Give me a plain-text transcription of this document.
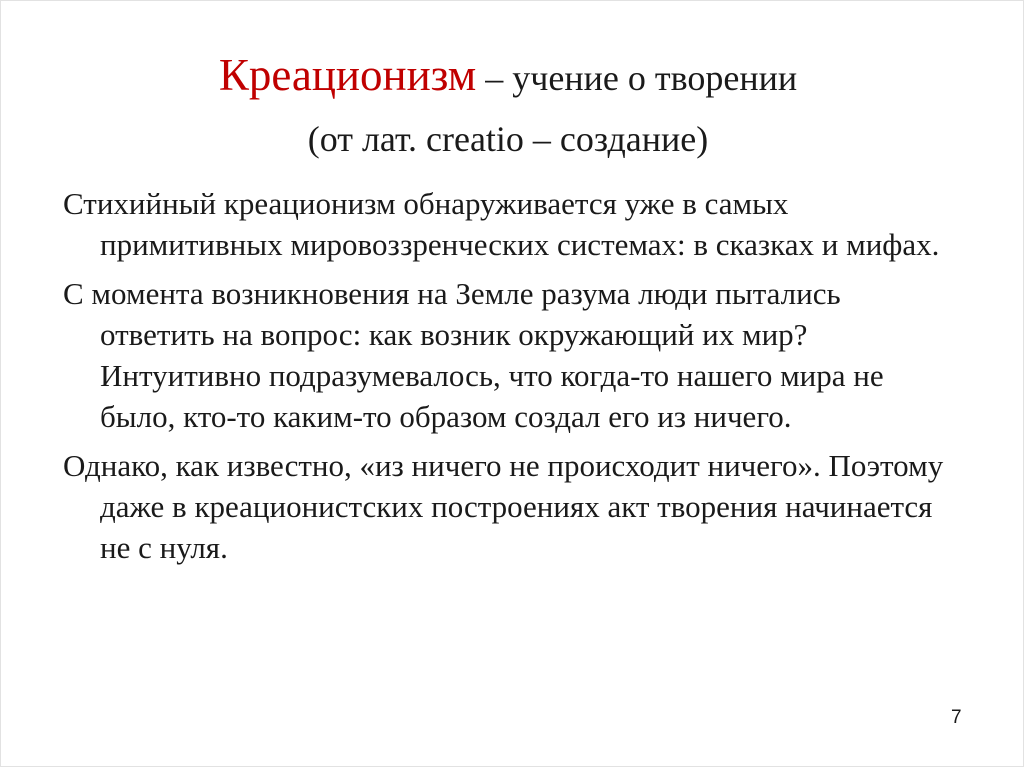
Креационизм – учение о творении
(от лат. creatio – создание)

Стихийный креационизм обнаруживается уже в самых примитивных мировоззренческих системах: в сказках и мифах.

С момента возникновения на Земле разума люди пытались ответить на вопрос: как возник окружающий их мир? Интуитивно подразумевалось, что когда-то нашего мира не было, кто-то каким-то образом создал его из ничего.

Однако, как известно, «из ничего не происходит ничего». Поэтому даже в креационистских построениях акт творения начинается не с нуля.

7
